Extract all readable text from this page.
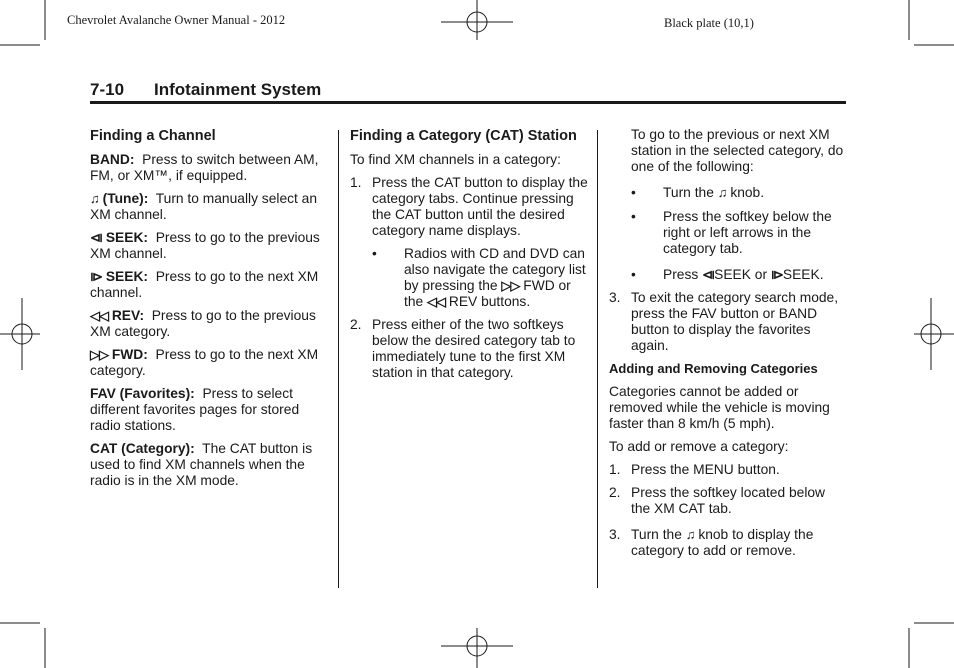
Chevrolet Avalanche Owner Manual - 2012	Black plate (10,1)
7-10 Infotainment System
Finding a Channel

BAND: Press to switch between AM, FM, or XM™, if equipped.

♫ (Tune): Turn to manually select an XM channel.

⧏ SEEK: Press to go to the previous XM channel.

⧐ SEEK: Press to go to the next XM channel.

◁◁ REV: Press to go to the previous XM category.

▷▷ FWD: Press to go to the next XM category.

FAV (Favorites): Press to select different favorites pages for stored radio stations.

CAT (Category): The CAT button is used to find XM channels when the radio is in the XM mode.

Finding a Category (CAT) Station

To find XM channels in a category:

1. Press the CAT button to display the category tabs. Continue pressing the CAT button until the desired category name displays.
• Radios with CD and DVD can also navigate the category list by pressing the ▷▷ FWD or the ◁◁ REV buttons.
2. Press either of the two softkeys below the desired category tab to immediately tune to the first XM station in that category.

To go to the previous or next XM station in the selected category, do one of the following:

• Turn the ♫ knob.
• Press the softkey below the right or left arrows in the category tab.
• Press ⧏SEEK or ⧐SEEK.
3. To exit the category search mode, press the FAV button or BAND button to display the favorites again.
Adding and Removing Categories

Categories cannot be added or removed while the vehicle is moving faster than 8 km/h (5 mph).

To add or remove a category:

1. Press the MENU button.
2. Press the softkey located below the XM CAT tab.
3. Turn the ♫ knob to display the category to add or remove.
